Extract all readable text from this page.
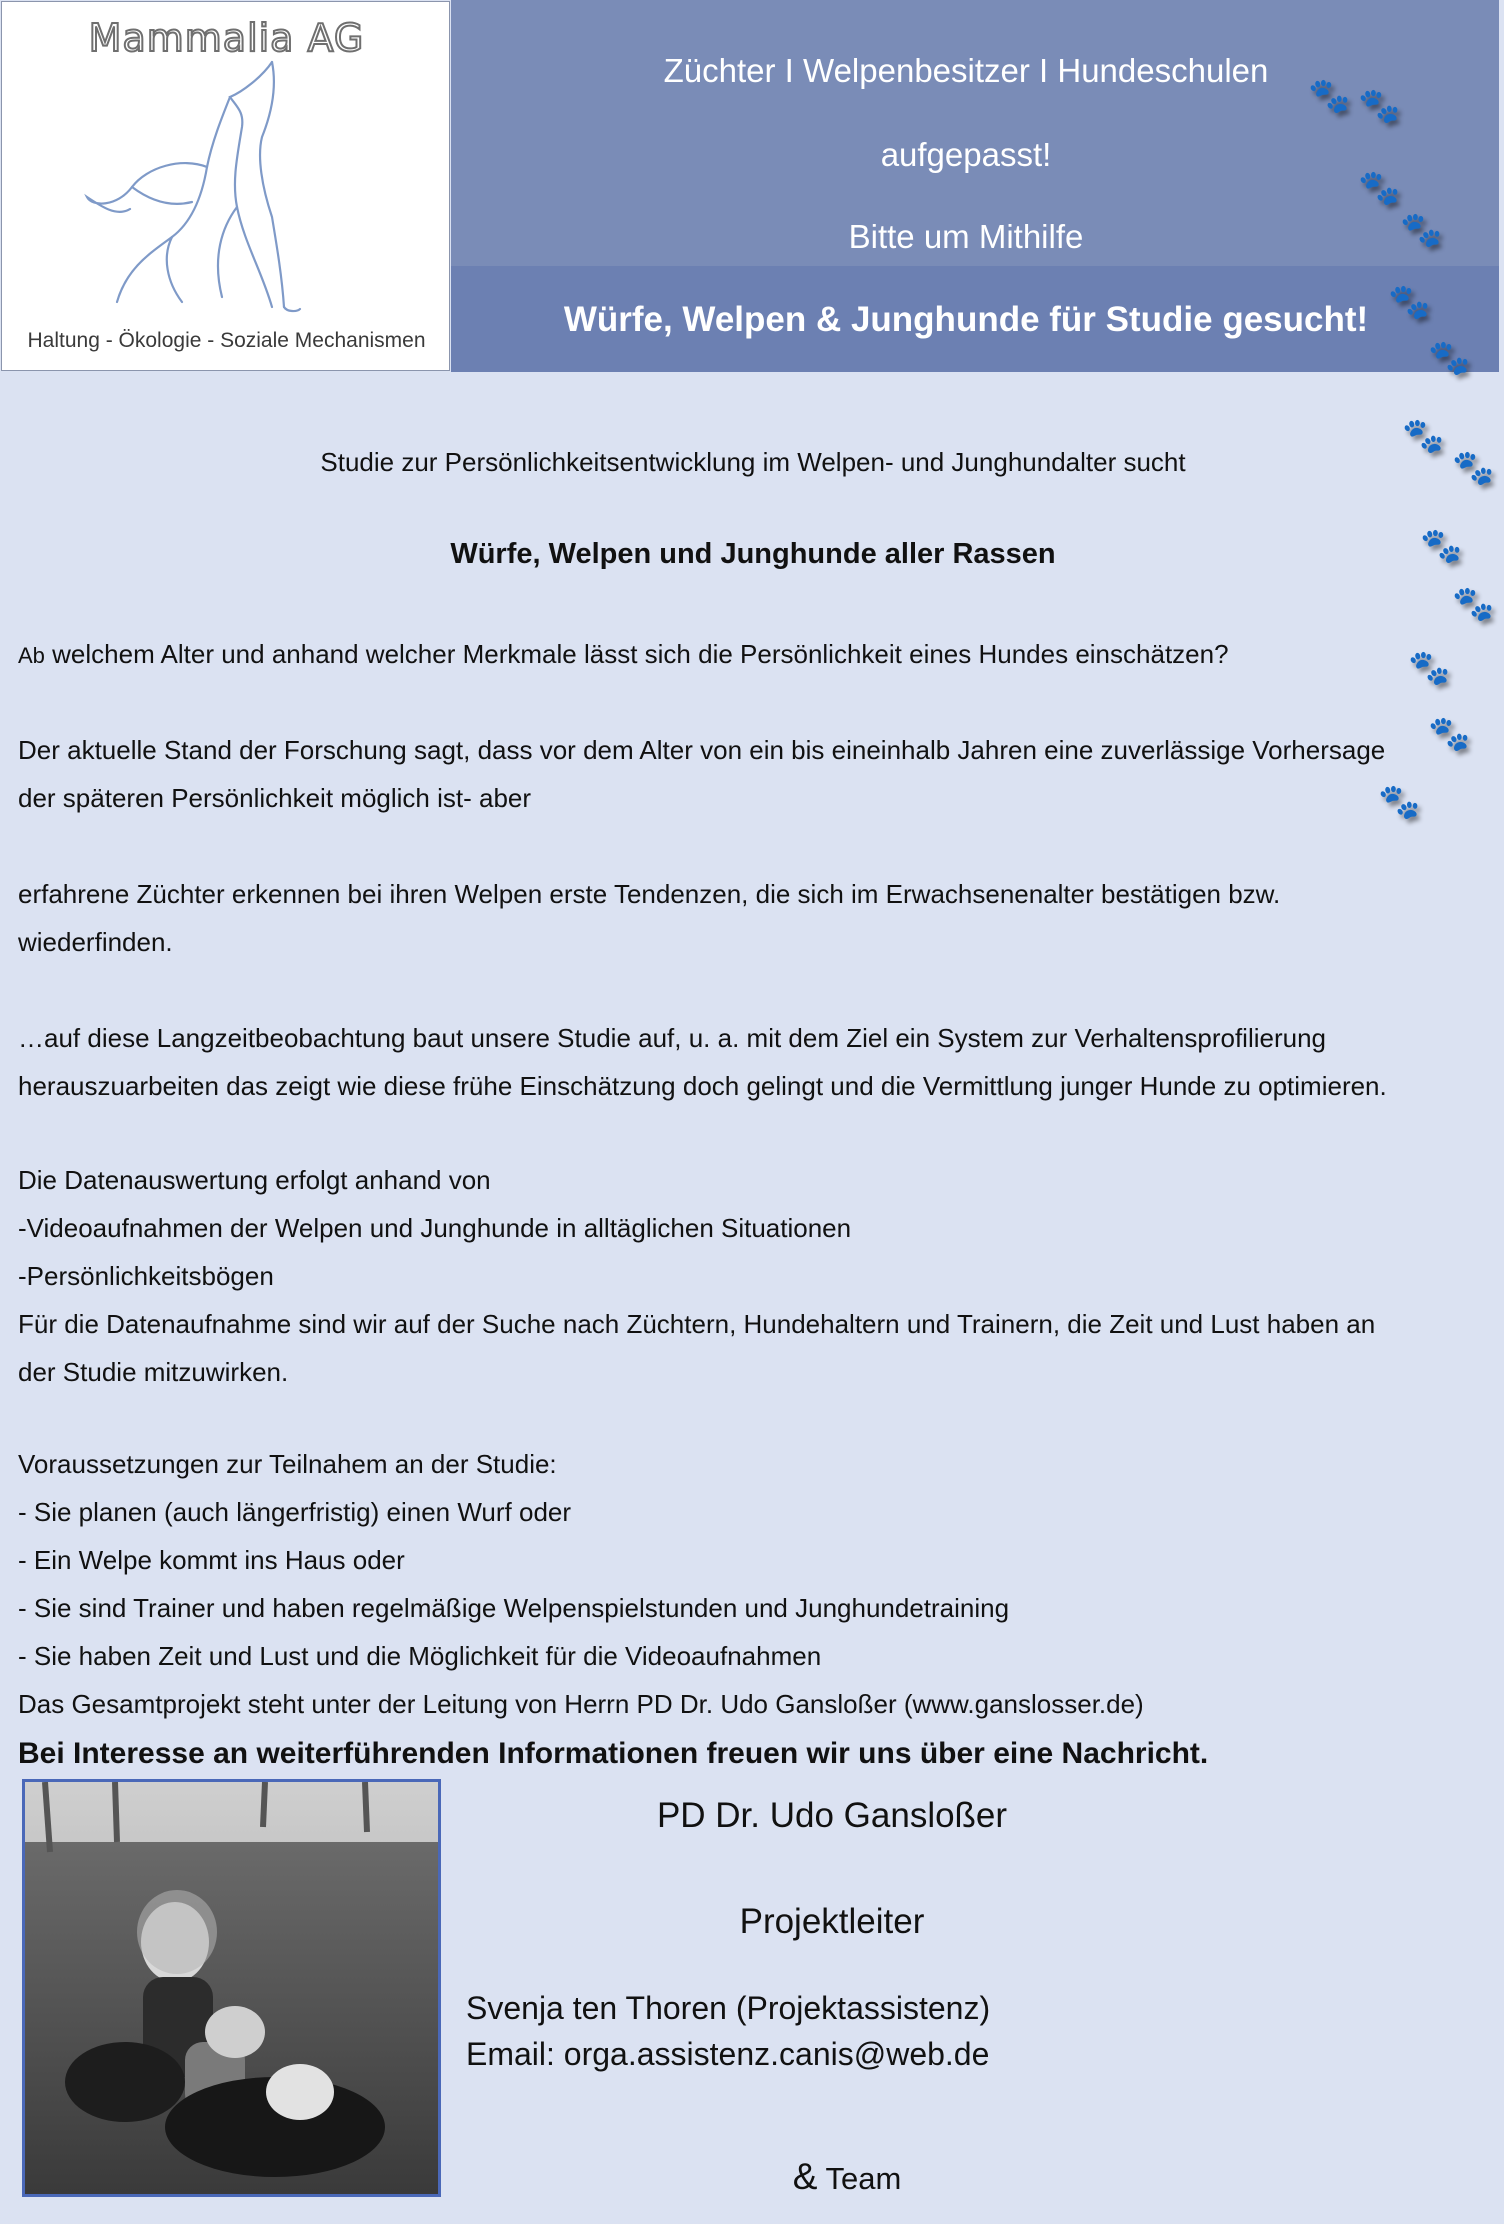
Mammalia AG
Haltung - Ökologie - Soziale Mechanismen
Züchter I Welpenbesitzer I Hundeschulen
aufgepasst!
Bitte um Mithilfe
Würfe, Welpen & Junghunde für Studie gesucht!
🐾 🐾
🐾
🐾
🐾
🐾
🐾
🐾
🐾
🐾
🐾
🐾
🐾
Studie zur Persönlichkeitsentwicklung im Welpen- und Junghundalter sucht
Würfe, Welpen und Junghunde aller Rassen
Ab welchem Alter und anhand welcher Merkmale lässt sich die Persönlichkeit eines Hundes einschätzen?
Der aktuelle Stand der Forschung sagt, dass vor dem Alter von ein bis eineinhalb Jahren eine zuverlässige Vorhersage
der späteren Persönlichkeit möglich ist- aber
erfahrene Züchter erkennen bei ihren Welpen erste Tendenzen, die sich im Erwachsenenalter bestätigen bzw.
wiederfinden.
…auf diese Langzeitbeobachtung baut unsere Studie auf, u. a. mit dem Ziel ein System zur Verhaltensprofilierung
herauszuarbeiten das zeigt wie diese frühe Einschätzung doch gelingt und die Vermittlung junger Hunde zu optimieren.
Die Datenauswertung erfolgt anhand von
-Videoaufnahmen der Welpen und Junghunde in alltäglichen Situationen
-Persönlichkeitsbögen
Für die Datenaufnahme sind wir auf der Suche nach Züchtern, Hundehaltern und Trainern, die Zeit und Lust haben an
der Studie mitzuwirken.
Voraussetzungen zur Teilnahem an der Studie:
- Sie planen (auch längerfristig) einen Wurf oder
- Ein Welpe kommt ins Haus oder
- Sie sind Trainer und haben regelmäßige Welpenspielstunden und Junghundetraining
- Sie haben Zeit und Lust und die Möglichkeit für die Videoaufnahmen
Das Gesamtprojekt steht unter der Leitung von Herrn PD Dr. Udo Gansloßer (www.ganslosser.de)
Bei Interesse an weiterführenden Informationen freuen wir uns über eine Nachricht.
PD Dr. Udo Gansloßer
Projektleiter
Svenja ten Thoren (Projektassistenz)
Email: orga.assistenz.canis@web.de
& Team
